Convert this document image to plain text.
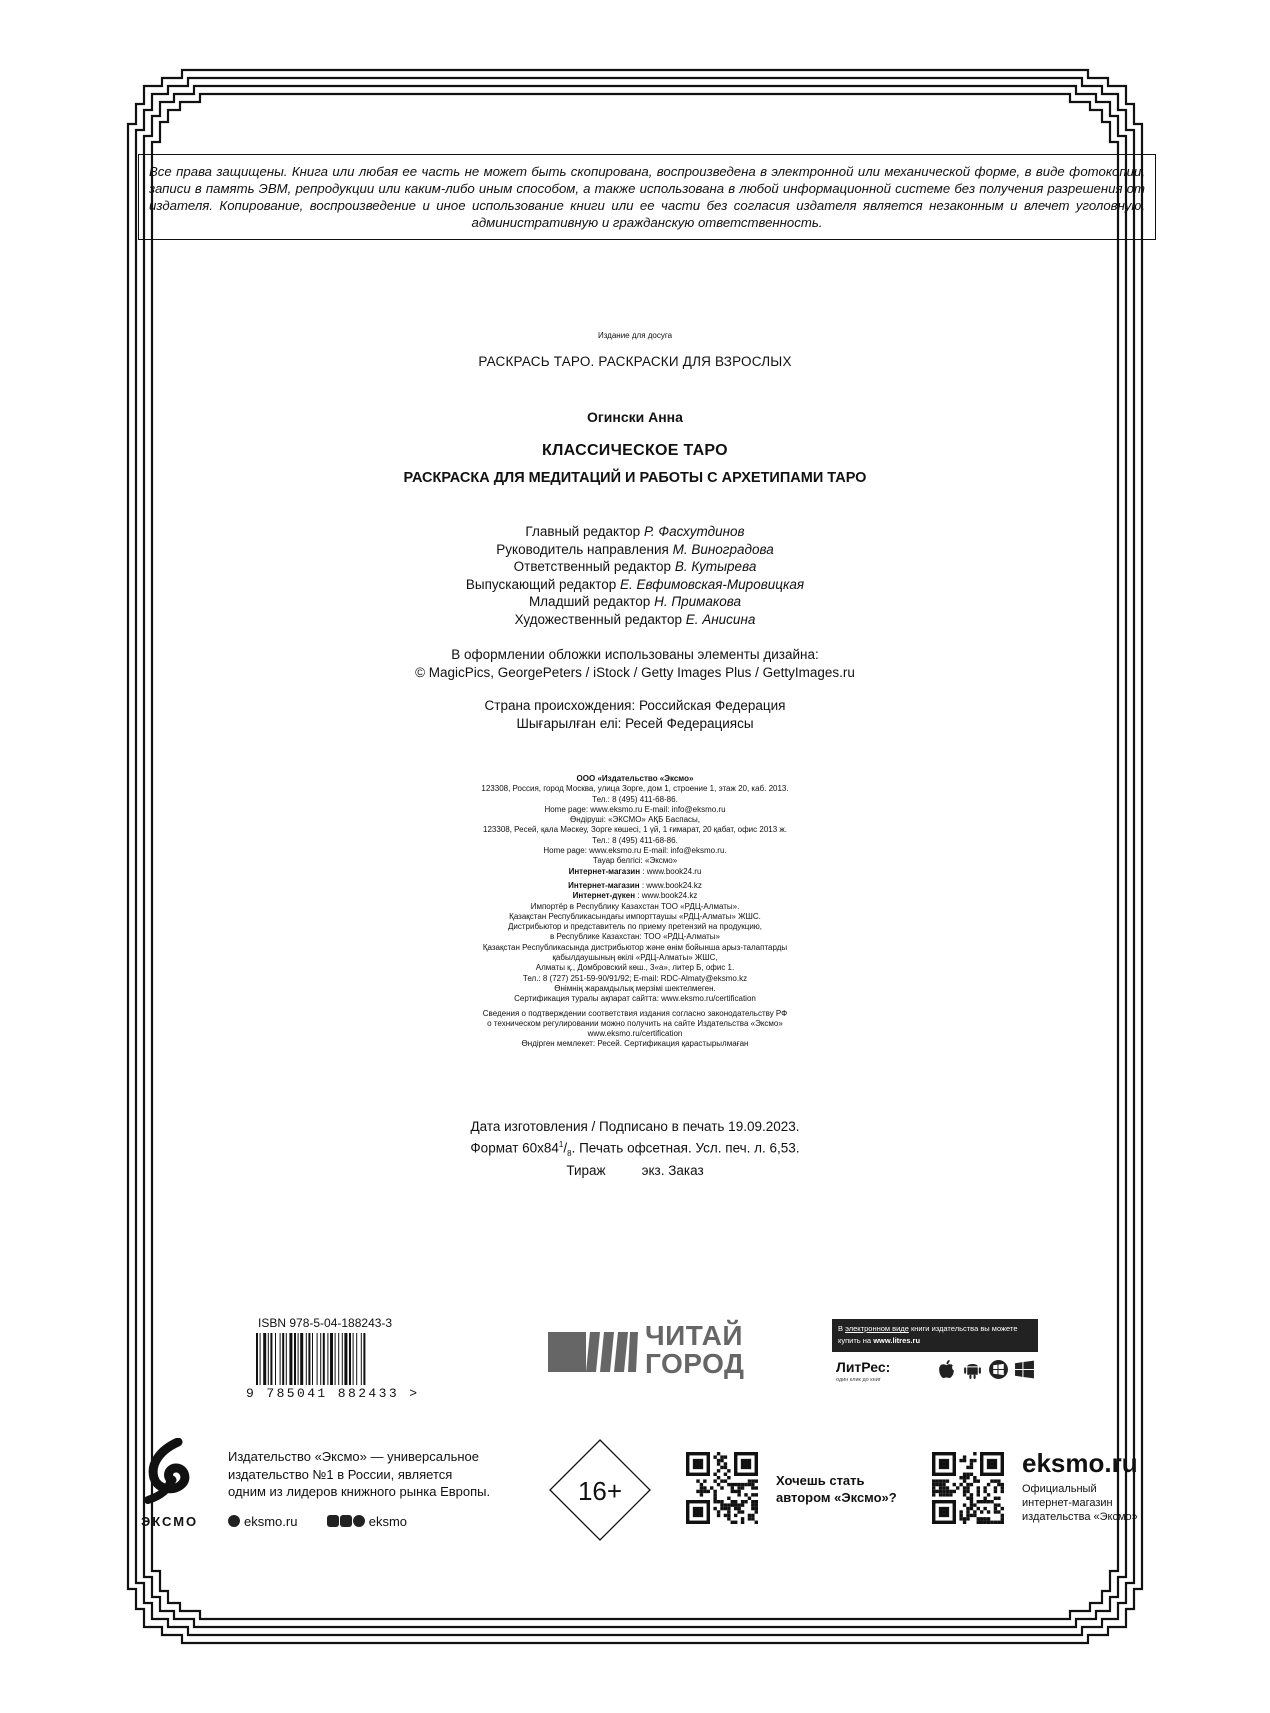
Все права защищены. Книга или любая ее часть не может быть скопирована, воспроизведена в электронной или механической форме, в виде фотокопии, записи в память ЭВМ, репродукции или каким-либо иным способом, а также использована в любой информационной системе без получения разрешения от издателя. Копирование, воспроизведение и иное использование книги или ее части без согласия издателя является незаконным и влечет уголовную, административную и гражданскую ответственность.
Издание для досуга
РАСКРАСЬ ТАРО. РАСКРАСКИ ДЛЯ ВЗРОСЛЫХ
Огински Анна
КЛАССИЧЕСКОЕ ТАРО
РАСКРАСКА ДЛЯ МЕДИТАЦИЙ И РАБОТЫ С АРХЕТИПАМИ ТАРО
Главный редактор Р. Фасхутдинов
Руководитель направления М. Виноградова
Ответственный редактор В. Кутырева
Выпускающий редактор Е. Евфимовская-Мировицкая
Младший редактор Н. Примакова
Художественный редактор Е. Анисина
В оформлении обложки использованы элементы дизайна:
© MagicPics, GeorgePeters / iStock / Getty Images Plus / GettyImages.ru
Страна происхождения: Российская Федерация
Шығарылған елі: Ресей Федерациясы
ООО «Издательство «Эксмо»
123308, Россия, город Москва, улица Зорге, дом 1, строение 1, этаж 20, каб. 2013.
Тел.: 8 (495) 411-68-86.
Home page: www.eksmo.ru E-mail: info@eksmo.ru
Өндіруші: «ЭКСМО» АҚБ Баспасы,
123308, Ресей, қала Мәскеу, Зорге көшесі, 1 үй, 1 ғимарат, 20 қабат, офис 2013 ж.
Тел.: 8 (495) 411-68-86.
Home page: www.eksmo.ru E-mail: info@eksmo.ru.
Тауар белгісі: «Эксмо»
Интернет-магазин : www.book24.ru
Интернет-магазин : www.book24.kz
Интернет-дүкен : www.book24.kz
Импортёр в Республику Казахстан ТОО «РДЦ-Алматы».
Қазақстан Республикасындағы импорттаушы «РДЦ-Алматы» ЖШС.
Дистрибьютор и представитель по приему претензий на продукцию,
в Республике Казахстан: ТОО «РДЦ-Алматы»
Қазақстан Республикасында дистрибьютор және өнім бойынша арыз-талаптарды
қабылдаушының өкілі «РДЦ-Алматы» ЖШС,
Алматы қ., Домбровский көш., 3«а», литер Б, офис 1.
Тел.: 8 (727) 251-59-90/91/92; E-mail: RDC-Almaty@eksmo.kz
Өнімнің жарамдылық мерзімі шектелмеген.
Сертификация туралы ақпарат сайтта: www.eksmo.ru/certification
Сведения о подтверждении соответствия издания согласно законодательству РФ
о техническом регулировании можно получить на сайте Издательства «Эксмо»
www.eksmo.ru/certification
Өндірген мемлекет: Ресей. Сертификация қарастырылмаған
Дата изготовления / Подписано в печать 19.09.2023.
Формат $60x84^1/_8$. Печать офсетная. Усл. печ. л. 6,53.
Тираж	экз. Заказ
ISBN 978-5-04-188243-3
9 785041 882433 >
ЧИТАЙ
ГОРОД
В электронном виде книги издательства вы можете
купить на www.litres.ru
ЛитРес:
один клик до книг
ЭКСМО
Издательство «Эксмо» — универсальное
издательство №1 в России, является
одним из лидеров книжного рынка Европы.
eksmo.ru	eksmo
16+	Хочешь стать
автором «Эксмо»?
eksmo.ru
Официальный
интернет-магазин
издательства «Эксмо»
